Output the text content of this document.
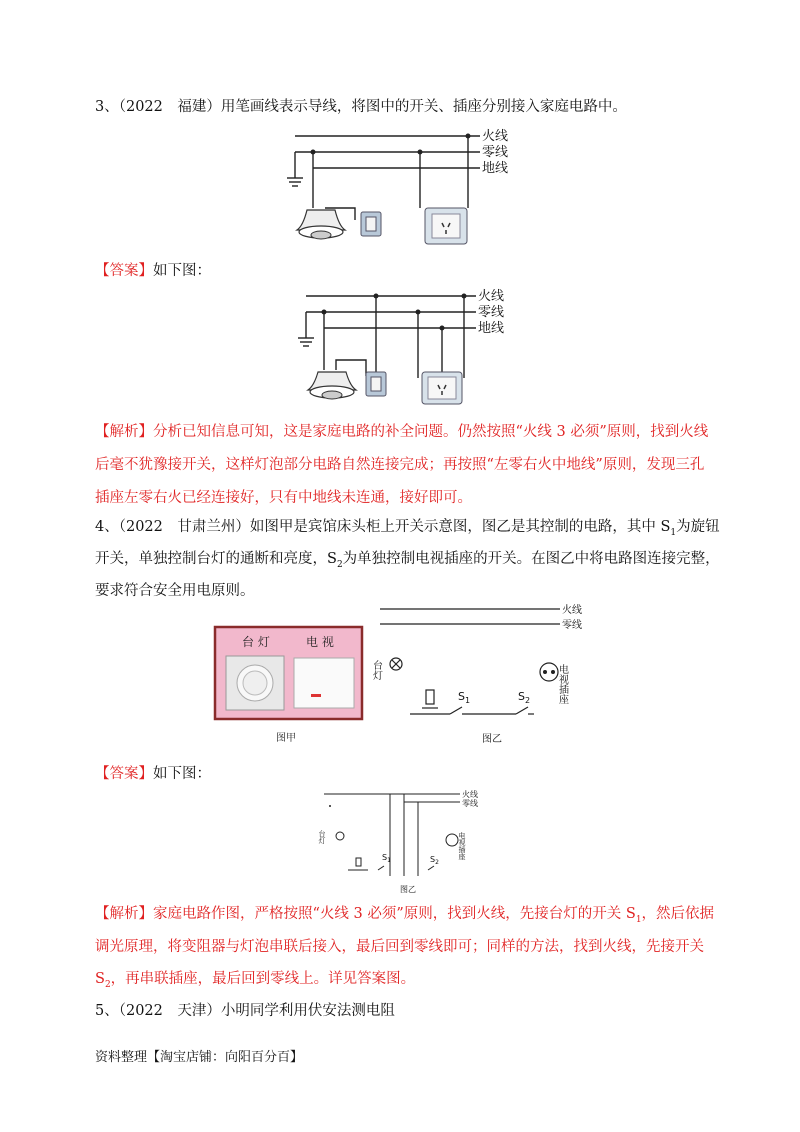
3、（2022　福建）用笔画线表示导线，将图中的开关、插座分别接入家庭电路中。
火线
零线
地线
【答案】如下图：
火线
零线
地线
【解析】分析已知信息可知，这是家庭电路的补全问题。仍然按照“火线 3 必须”原则，找到火线
后毫不犹豫接开关，这样灯泡部分电路自然连接完成；再按照“左零右火中地线”原则，发现三孔
插座左零右火已经连接好，只有中地线未连通，接好即可。
4、（2022　甘肃兰州）如图甲是宾馆床头柜上开关示意图，图乙是其控制的电路，其中 $S_1$为旋钮
开关，单独控制台灯的通断和亮度，$S_2$为单独控制电视插座的开关。在图乙中将电路图连接完整，
要求符合安全用电原则。
台 灯	电 视
图甲
火线
零线
台灯	电视插座
$S_1$	$S_2$
图乙
【答案】如下图：
火线
零线
台灯	电视插座
$S_1$	$S_2$
图乙
【解析】家庭电路作图，严格按照“火线 3 必须”原则，找到火线，先接台灯的开关 $S_1$，然后依据
调光原理，将变阻器与灯泡串联后接入，最后回到零线即可；同样的方法，找到火线，先接开关
$S_2$，再串联插座，最后回到零线上。详见答案图。
5、（2022　天津）小明同学利用伏安法测电阻
资料整理【淘宝店铺：向阳百分百】
